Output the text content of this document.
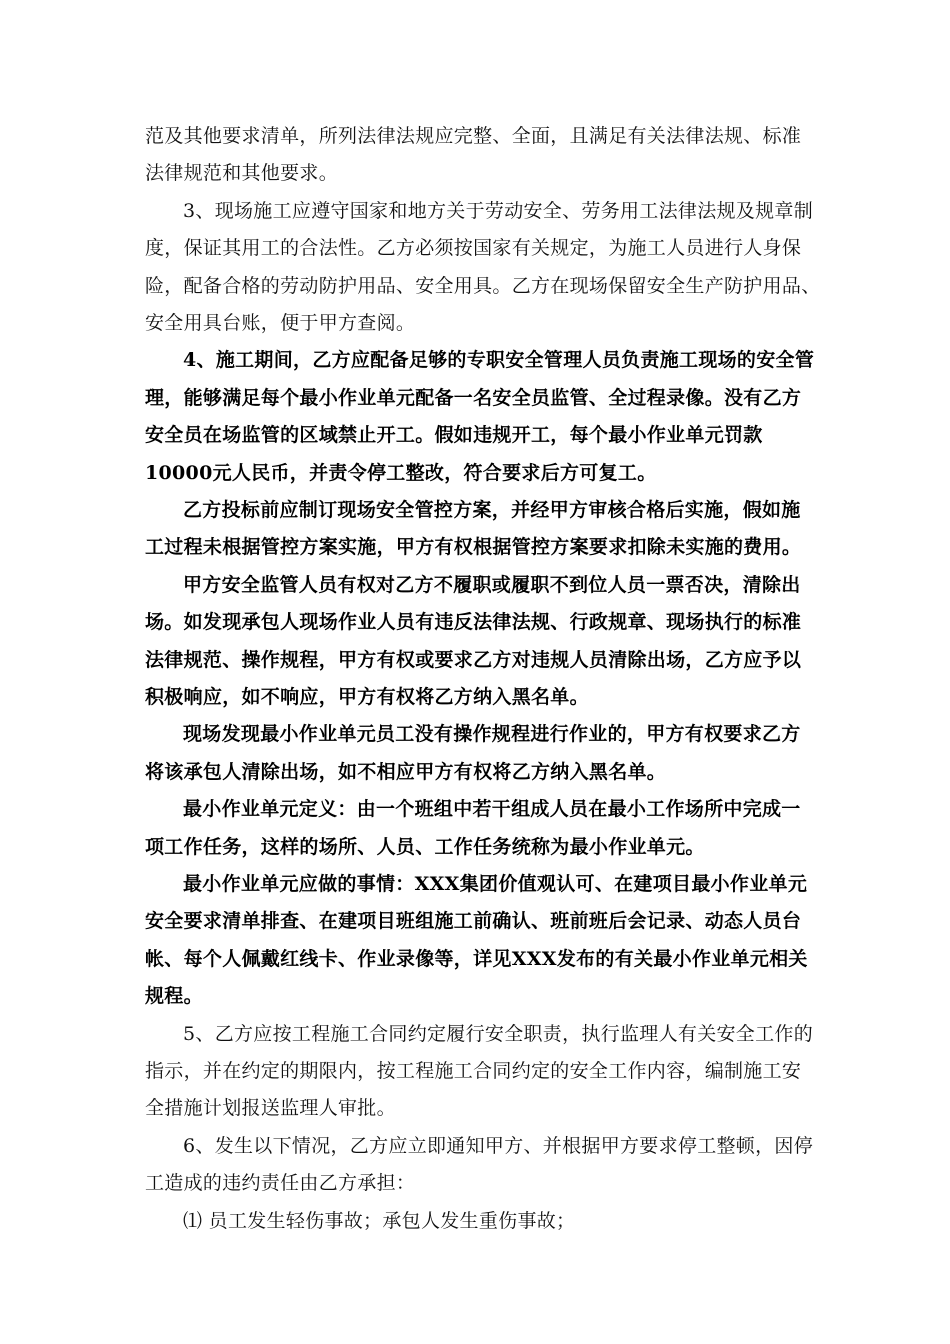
范及其他要求清单，所列法律法规应完整、全面，且满足有关法律法规、标准
法律规范和其他要求。
3、现场施工应遵守国家和地方关于劳动安全、劳务用工法律法规及规章制
度，保证其用工的合法性。乙方必须按国家有关规定，为施工人员进行人身保
险，配备合格的劳动防护用品、安全用具。乙方在现场保留安全生产防护用品、
安全用具台账，便于甲方查阅。
4、施工期间，乙方应配备足够的专职安全管理人员负责施工现场的安全管
理，能够满足每个最小作业单元配备一名安全员监管、全过程录像。没有乙方
安全员在场监管的区域禁止开工。假如违规开工，每个最小作业单元罚款
10000元人民币，并责令停工整改，符合要求后方可复工。
乙方投标前应制订现场安全管控方案，并经甲方审核合格后实施，假如施
工过程未根据管控方案实施，甲方有权根据管控方案要求扣除未实施的费用。
甲方安全监管人员有权对乙方不履职或履职不到位人员一票否决，清除出
场。如发现承包人现场作业人员有违反法律法规、行政规章、现场执行的标准
法律规范、操作规程，甲方有权或要求乙方对违规人员清除出场，乙方应予以
积极响应，如不响应，甲方有权将乙方纳入黑名单。
现场发现最小作业单元员工没有操作规程进行作业的，甲方有权要求乙方
将该承包人清除出场，如不相应甲方有权将乙方纳入黑名单。
最小作业单元定义：由一个班组中若干组成人员在最小工作场所中完成一
项工作任务，这样的场所、人员、工作任务统称为最小作业单元。
最小作业单元应做的事情：XXX集团价值观认可、在建项目最小作业单元
安全要求清单排查、在建项目班组施工前确认、班前班后会记录、动态人员台
帐、每个人佩戴红线卡、作业录像等，详见XXX发布的有关最小作业单元相关
规程。
5、乙方应按工程施工合同约定履行安全职责，执行监理人有关安全工作的
指示，并在约定的期限内，按工程施工合同约定的安全工作内容，编制施工安
全措施计划报送监理人审批。
6、发生以下情况，乙方应立即通知甲方、并根据甲方要求停工整顿，因停
工造成的违约责任由乙方承担：
⑴ 员工发生轻伤事故；承包人发生重伤事故；
